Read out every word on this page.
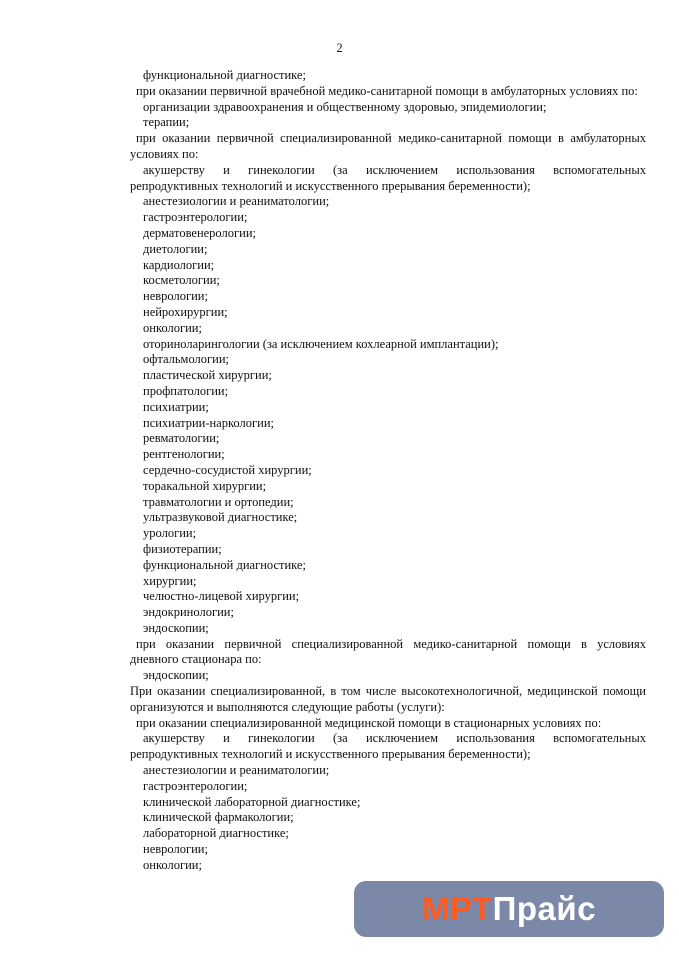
2

функциональной диагностике;

при оказании первичной врачебной медико-санитарной помощи в амбулаторных условиях по:

организации здравоохранения и общественному здоровью, эпидемиологии;

терапии;

при оказании первичной специализированной медико-санитарной помощи в амбулаторных условиях по:

акушерству и гинекологии (за исключением использования вспомогательных репродуктивных технологий и искусственного прерывания беременности);

анестезиологии и реаниматологии;

гастроэнтерологии;

дерматовенерологии;

диетологии;

кардиологии;

косметологии;

неврологии;

нейрохирургии;

онкологии;

оториноларингологии (за исключением кохлеарной имплантации);

офтальмологии;

пластической хирургии;

профпатологии;

психиатрии;

психиатрии-наркологии;

ревматологии;

рентгенологии;

сердечно-сосудистой хирургии;

торакальной хирургии;

травматологии и ортопедии;

ультразвуковой диагностике;

урологии;

физиотерапии;

функциональной диагностике;

хирургии;

челюстно-лицевой хирургии;

эндокринологии;

эндоскопии;

при оказании первичной специализированной медико-санитарной помощи в условиях дневного стационара по:

эндоскопии;

При оказании специализированной, в том числе высокотехнологичной, медицинской помощи организуются и выполняются следующие работы (услуги):

при оказании специализированной медицинской помощи в стационарных условиях по:

акушерству и гинекологии (за исключением использования вспомогательных репродуктивных технологий и искусственного прерывания беременности);

анестезиологии и реаниматологии;

гастроэнтерологии;

клинической лабораторной диагностике;

клинической фармакологии;

лабораторной диагностике;

неврологии;

онкологии;

МРТ Прайс
